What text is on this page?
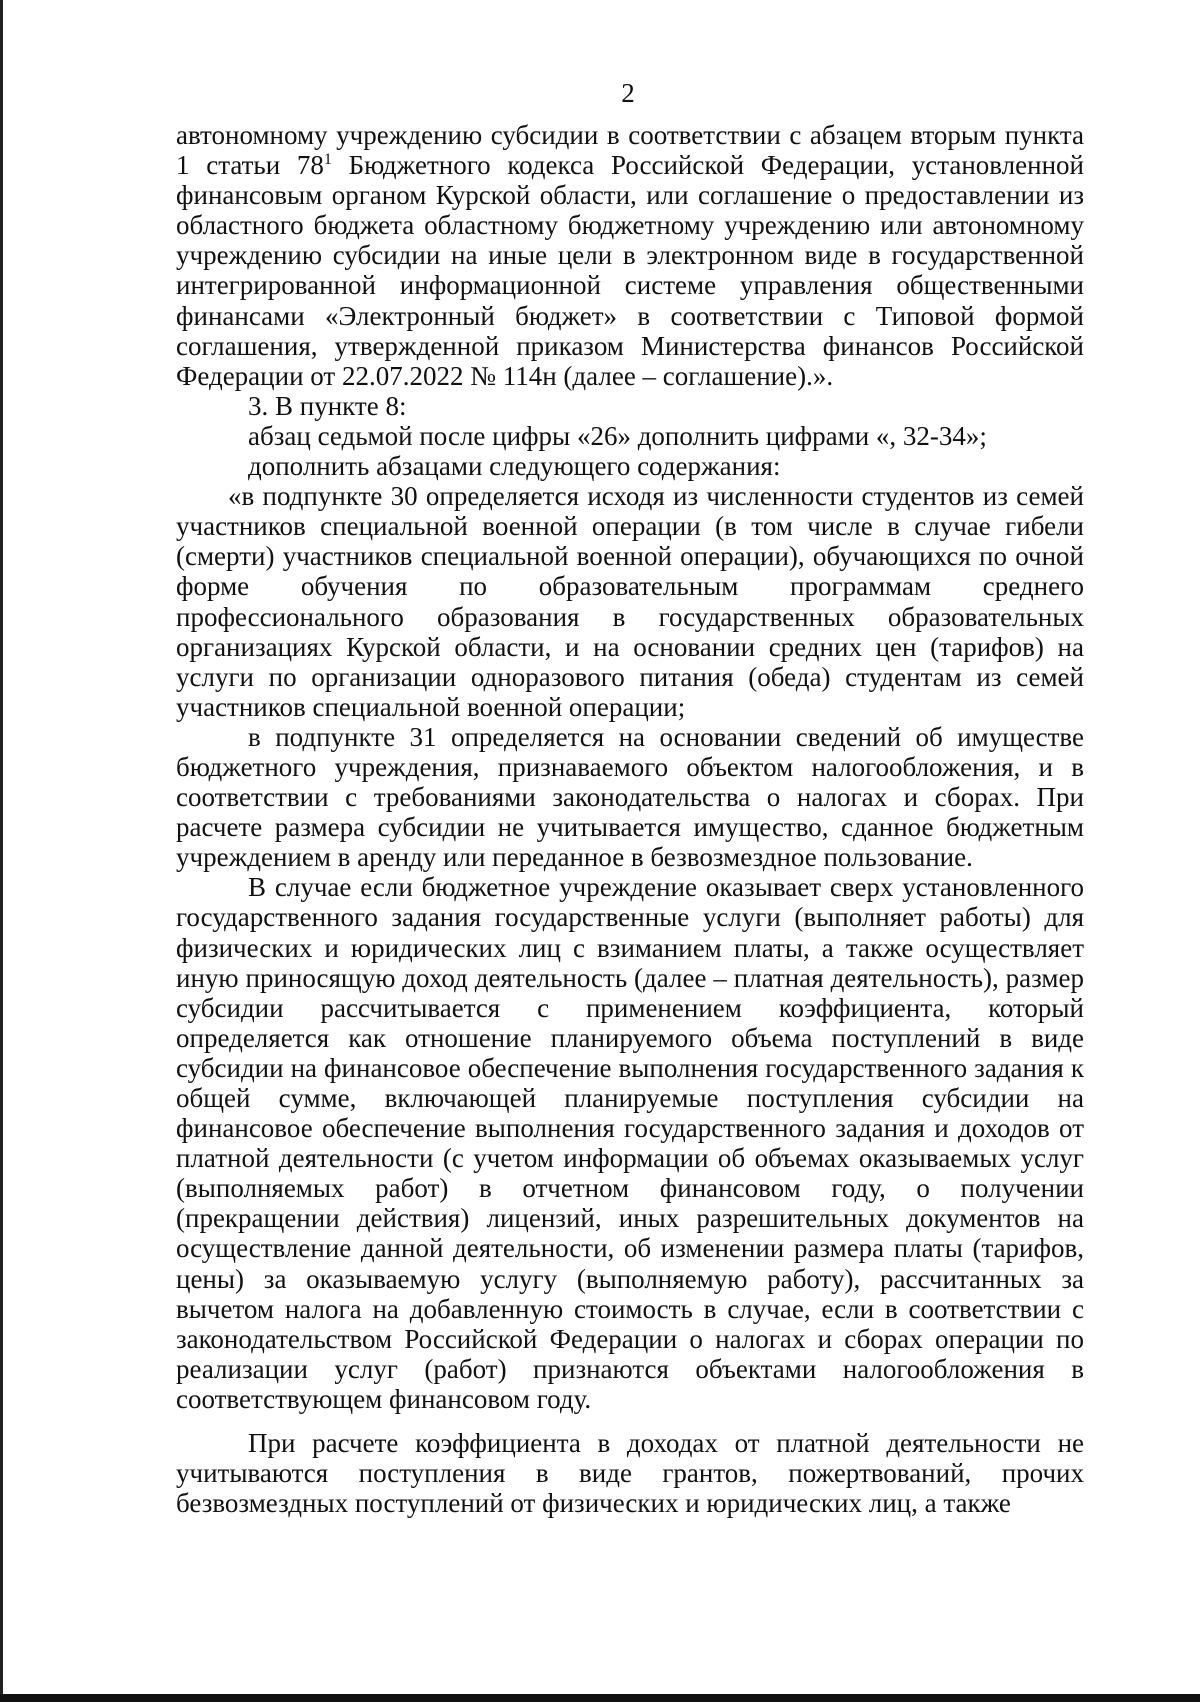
2

автономному учреждению субсидии в соответствии с абзацем вторым пункта 1 статьи $78^1$ Бюджетного кодекса Российской Федерации, установленной финансовым органом Курской области, или соглашение о предоставлении из областного бюджета областному бюджетному учреждению или автономному учреждению субсидии на иные цели в электронном виде в государственной интегрированной информационной системе управления общественными финансами «Электронный бюджет» в соответствии с Типовой формой соглашения, утвержденной приказом Министерства финансов Российской Федерации от 22.07.2022 № 114н (далее – соглашение).».

3. В пункте 8:

абзац седьмой после цифры «26» дополнить цифрами «, 32-34»;

дополнить абзацами следующего содержания:

«в подпункте 30 определяется исходя из численности студентов из семей участников специальной военной операции (в том числе в случае гибели (смерти) участников специальной военной операции), обучающихся по очной форме обучения по образовательным программам среднего профессионального образования в государственных образовательных организациях Курской области, и на основании средних цен (тарифов) на услуги по организации одноразового питания (обеда) студентам из семей участников специальной военной операции;

в подпункте 31 определяется на основании сведений об имуществе бюджетного учреждения, признаваемого объектом налогообложения, и в соответствии с требованиями законодательства о налогах и сборах. При расчете размера субсидии не учитывается имущество, сданное бюджетным учреждением в аренду или переданное в безвозмездное пользование.

В случае если бюджетное учреждение оказывает сверх установленного государственного задания государственные услуги (выполняет работы) для физических и юридических лиц с взиманием платы, а также осуществляет иную приносящую доход деятельность (далее – платная деятельность), размер субсидии рассчитывается с применением коэффициента, который определяется как отношение планируемого объема поступлений в виде субсидии на финансовое обеспечение выполнения государственного задания к общей сумме, включающей планируемые поступления субсидии на финансовое обеспечение выполнения государственного задания и доходов от платной деятельности (с учетом информации об объемах оказываемых услуг (выполняемых работ) в отчетном финансовом году, о получении (прекращении действия) лицензий, иных разрешительных документов на осуществление данной деятельности, об изменении размера платы (тарифов, цены) за оказываемую услугу (выполняемую работу), рассчитанных за вычетом налога на добавленную стоимость в случае, если в соответствии с законодательством Российской Федерации о налогах и сборах операции по реализации услуг (работ) признаются объектами налогообложения в соответствующем финансовом году.

При расчете коэффициента в доходах от платной деятельности не учитываются поступления в виде грантов, пожертвований, прочих безвозмездных поступлений от физических и юридических лиц, а также
